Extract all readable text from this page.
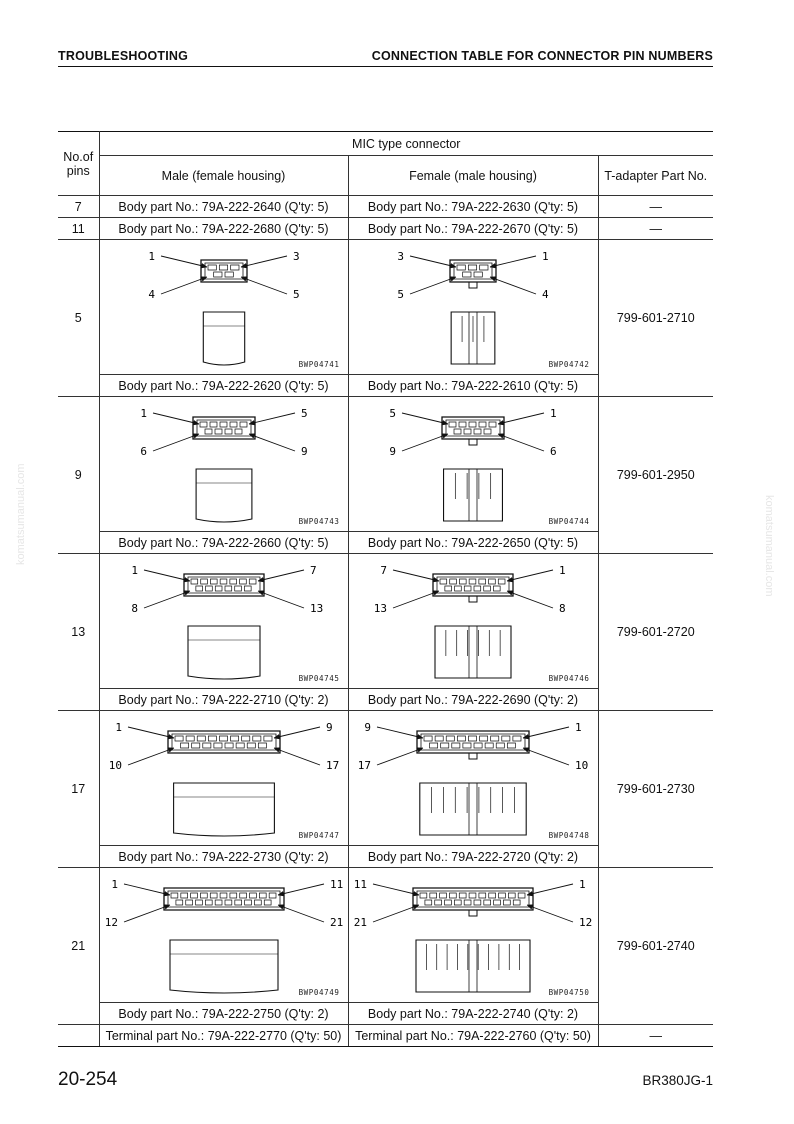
TROUBLESHOOTING	CONNECTION TABLE FOR CONNECTOR PIN NUMBERS
komatsumanual.com	komatsumanual.com
No.of pins	MIC type connector		
	Male (female housing)	Female (male housing)	T-adapter Part No.
7	Body part No.: 79A-222-2640 (Q'ty: 5)	Body part No.: 79A-222-2630 (Q'ty: 5)	—
11	Body part No.: 79A-222-2680 (Q'ty: 5)	Body part No.: 79A-222-2670 (Q'ty: 5)	—
5	1 3
4 5
BWP04741	3 1
5 4
BWP04742	799-601-2710
	Body part No.: 79A-222-2620 (Q'ty: 5)	Body part No.: 79A-222-2610 (Q'ty: 5)	
9	1 5
6 9
BWP04743	5 1
9 6
BWP04744	799-601-2950
	Body part No.: 79A-222-2660 (Q'ty: 5)	Body part No.: 79A-222-2650 (Q'ty: 5)	
13	1 7
8 13
BWP04745	7 1
13 8
BWP04746	799-601-2720
	Body part No.: 79A-222-2710 (Q'ty: 2)	Body part No.: 79A-222-2690 (Q'ty: 2)	
17	1 9
10 17
BWP04747	9 1
17 10
BWP04748	799-601-2730
	Body part No.: 79A-222-2730 (Q'ty: 2)	Body part No.: 79A-222-2720 (Q'ty: 2)	
21	1 11
12 21
BWP04749	11 1
21 12
BWP04750	799-601-2740
	Body part No.: 79A-222-2750 (Q'ty: 2)	Body part No.: 79A-222-2740 (Q'ty: 2)	
	Terminal part No.: 79A-222-2770 (Q'ty: 50)	Terminal part No.: 79A-222-2760 (Q'ty: 50)	—
20-254	BR380JG-1
